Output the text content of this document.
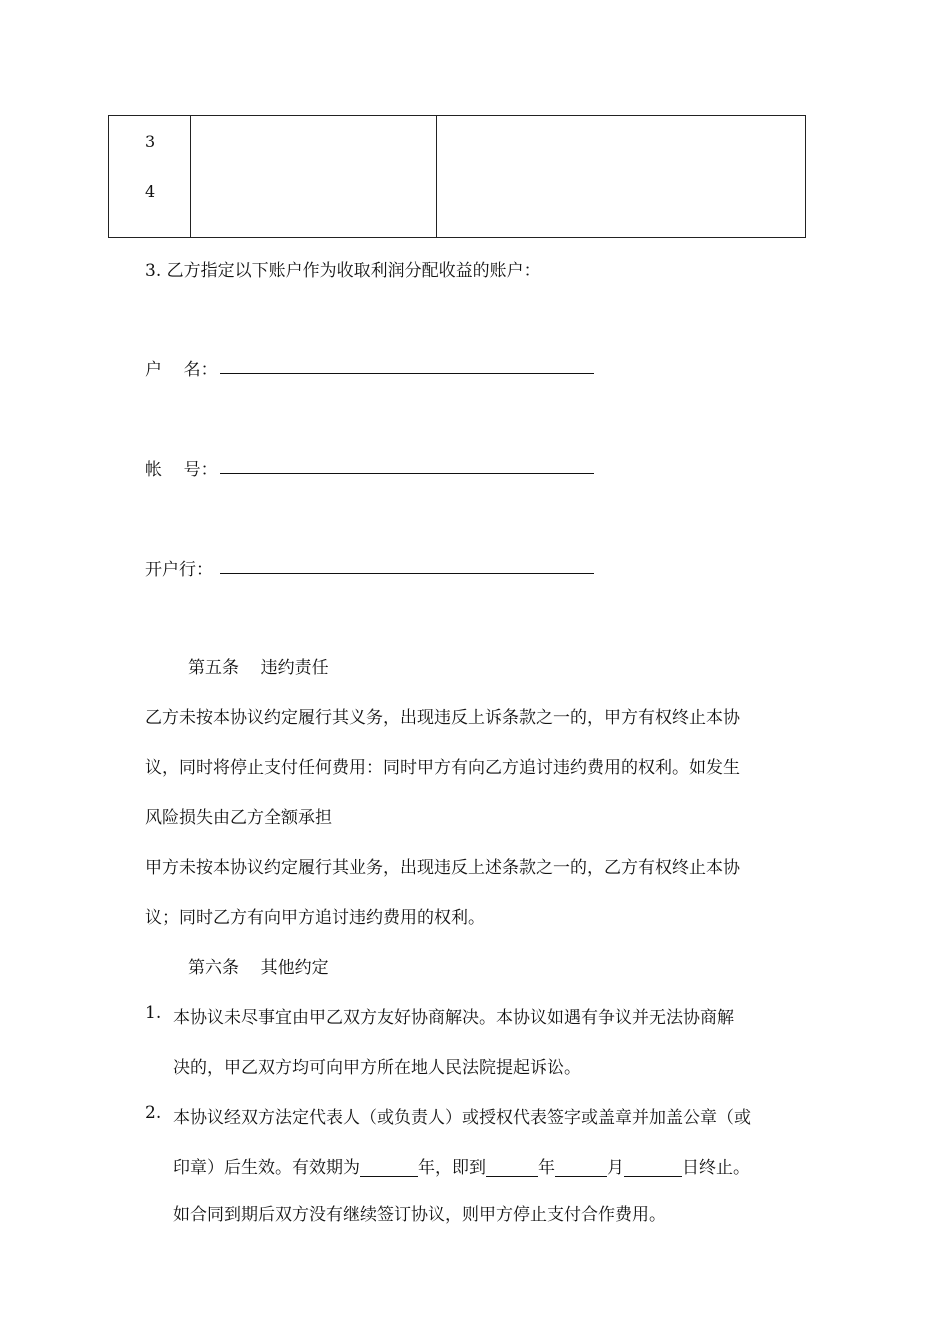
3
4
3. 乙方指定以下账户作为收取利润分配收益的账户：
户    名：
帐    号：
开户行：
第五条    违约责任
乙方未按本协议约定履行其义务，出现违反上诉条款之一的，甲方有权终止本协
议，同时将停止支付任何费用：同时甲方有向乙方追讨违约费用的权利。如发生
风险损失由乙方全额承担
甲方未按本协议约定履行其业务，出现违反上述条款之一的，乙方有权终止本协
议；同时乙方有向甲方追讨违约费用的权利。
第六条    其他约定
1. 本协议未尽事宜由甲乙双方友好协商解决。本协议如遇有争议并无法协商解
决的，甲乙双方均可向甲方所在地人民法院提起诉讼。
2. 本协议经双方法定代表人（或负责人）或授权代表签字或盖章并加盖公章（或
印章）后生效。有效期为	年，即到	年	月	日终止。
如合同到期后双方没有继续签订协议，则甲方停止支付合作费用。
